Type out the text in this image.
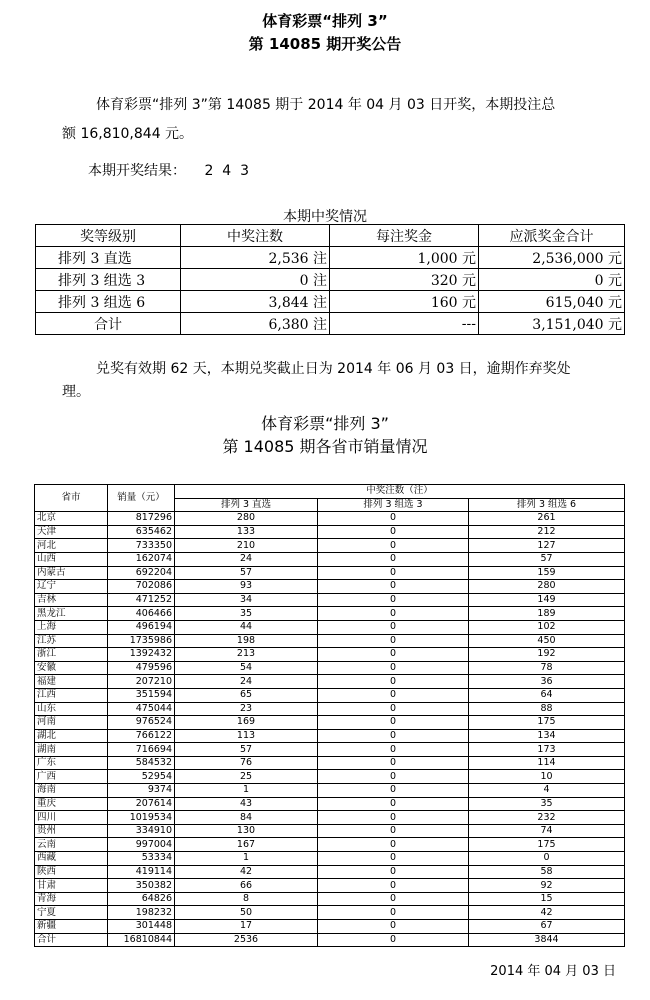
体育彩票“排列 3”
第 14085 期开奖公告
体育彩票“排列 3”第 14085 期于 2014 年 04 月 03 日开奖，本期投注总
额 16,810,844 元。
本期开奖结果： 2  4  3
本期中奖情况
奖等级别	中奖注数	每注奖金	应派奖金合计
排列 3 直选	2,536 注	1,000 元	2,536,000 元
排列 3 组选 3	0 注	320 元	0 元
排列 3 组选 6	3,844 注	160 元	615,040 元
合计	6,380 注	---	3,151,040 元
兑奖有效期 62 天，本期兑奖截止日为 2014 年 06 月 03 日，逾期作弃奖处
理。
体育彩票“排列 3”
第 14085 期各省市销量情况
省市	销量（元）	中奖注数（注）		
		排列 3 直选	排列 3 组选 3	排列 3 组选 6
北京	817296	280	0	261
天津	635462	133	0	212
河北	733350	210	0	127
山西	162074	24	0	57
内蒙古	692204	57	0	159
辽宁	702086	93	0	280
吉林	471252	34	0	149
黑龙江	406466	35	0	189
上海	496194	44	0	102
江苏	1735986	198	0	450
浙江	1392432	213	0	192
安徽	479596	54	0	78
福建	207210	24	0	36
江西	351594	65	0	64
山东	475044	23	0	88
河南	976524	169	0	175
湖北	766122	113	0	134
湖南	716694	57	0	173
广东	584532	76	0	114
广西	52954	25	0	10
海南	9374	1	0	4
重庆	207614	43	0	35
四川	1019534	84	0	232
贵州	334910	130	0	74
云南	997004	167	0	175
西藏	53334	1	0	0
陕西	419114	42	0	58
甘肃	350382	66	0	92
青海	64826	8	0	15
宁夏	198232	50	0	42
新疆	301448	17	0	67
合计	16810844	2536	0	3844
2014 年 04 月 03 日
